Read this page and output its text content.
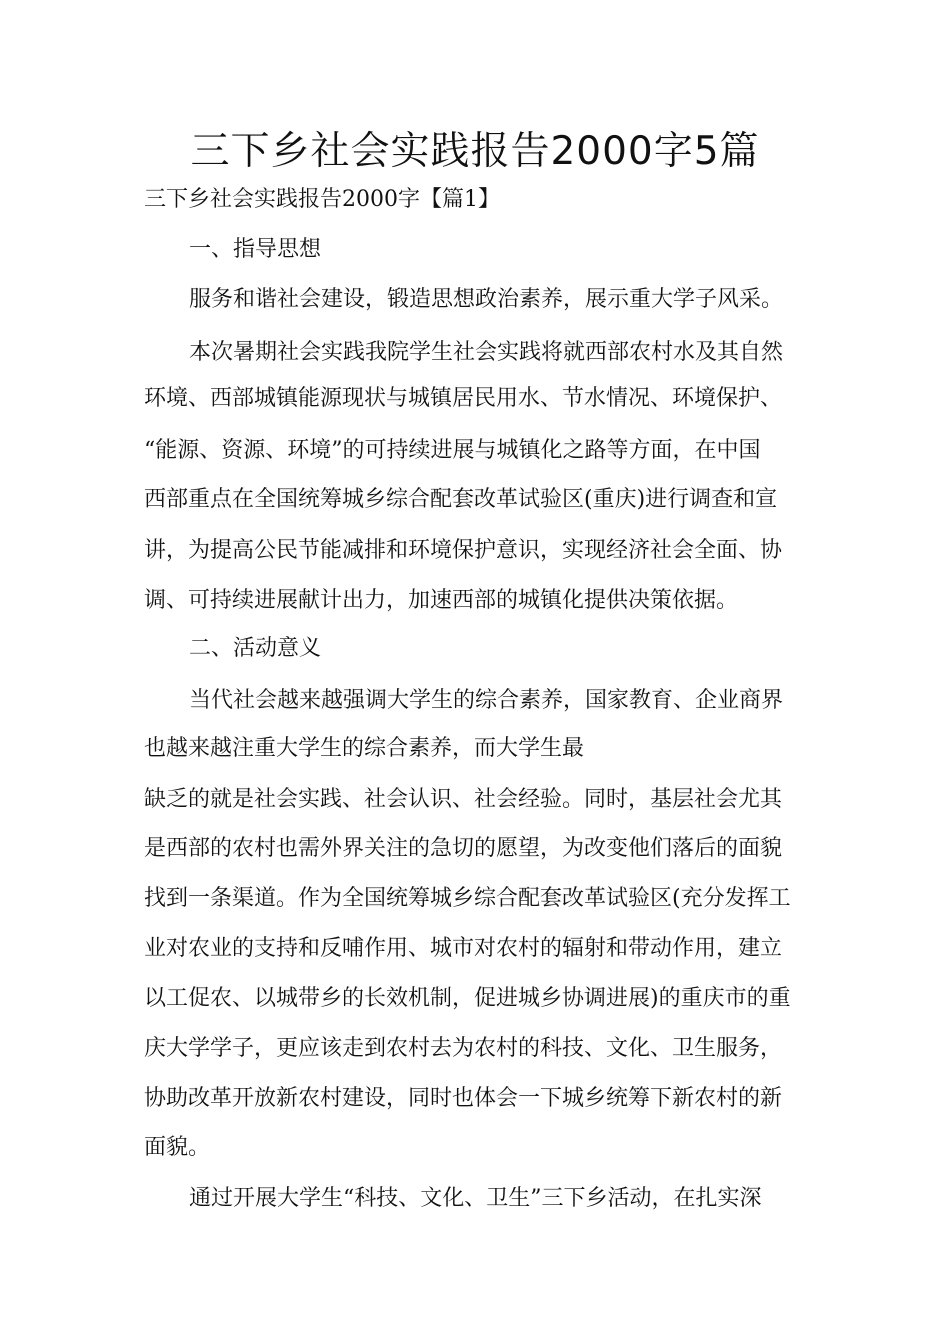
三下乡社会实践报告2000字5篇

三下乡社会实践报告2000字【篇1】

一、指导思想

服务和谐社会建设，锻造思想政治素养，展示重大学子风采。

本次暑期社会实践我院学生社会实践将就西部农村水及其自然

环境、西部城镇能源现状与城镇居民用水、节水情况、环境保护、

“能源、资源、环境”的可持续进展与城镇化之路等方面，在中国

西部重点在全国统筹城乡综合配套改革试验区(重庆)进行调查和宣

讲，为提高公民节能减排和环境保护意识，实现经济社会全面、协

调、可持续进展献计出力，加速西部的城镇化提供决策依据。

二、活动意义

当代社会越来越强调大学生的综合素养，国家教育、企业商界

也越来越注重大学生的综合素养，而大学生最

缺乏的就是社会实践、社会认识、社会经验。同时，基层社会尤其

是西部的农村也需外界关注的急切的愿望，为改变他们落后的面貌

找到一条渠道。作为全国统筹城乡综合配套改革试验区(充分发挥工

业对农业的支持和反哺作用、城市对农村的辐射和带动作用，建立

以工促农、以城带乡的长效机制，促进城乡协调进展)的重庆市的重

庆大学学子，更应该走到农村去为农村的科技、文化、卫生服务，

协助改革开放新农村建设，同时也体会一下城乡统筹下新农村的新

面貌。

通过开展大学生“科技、文化、卫生”三下乡活动，在扎实深
